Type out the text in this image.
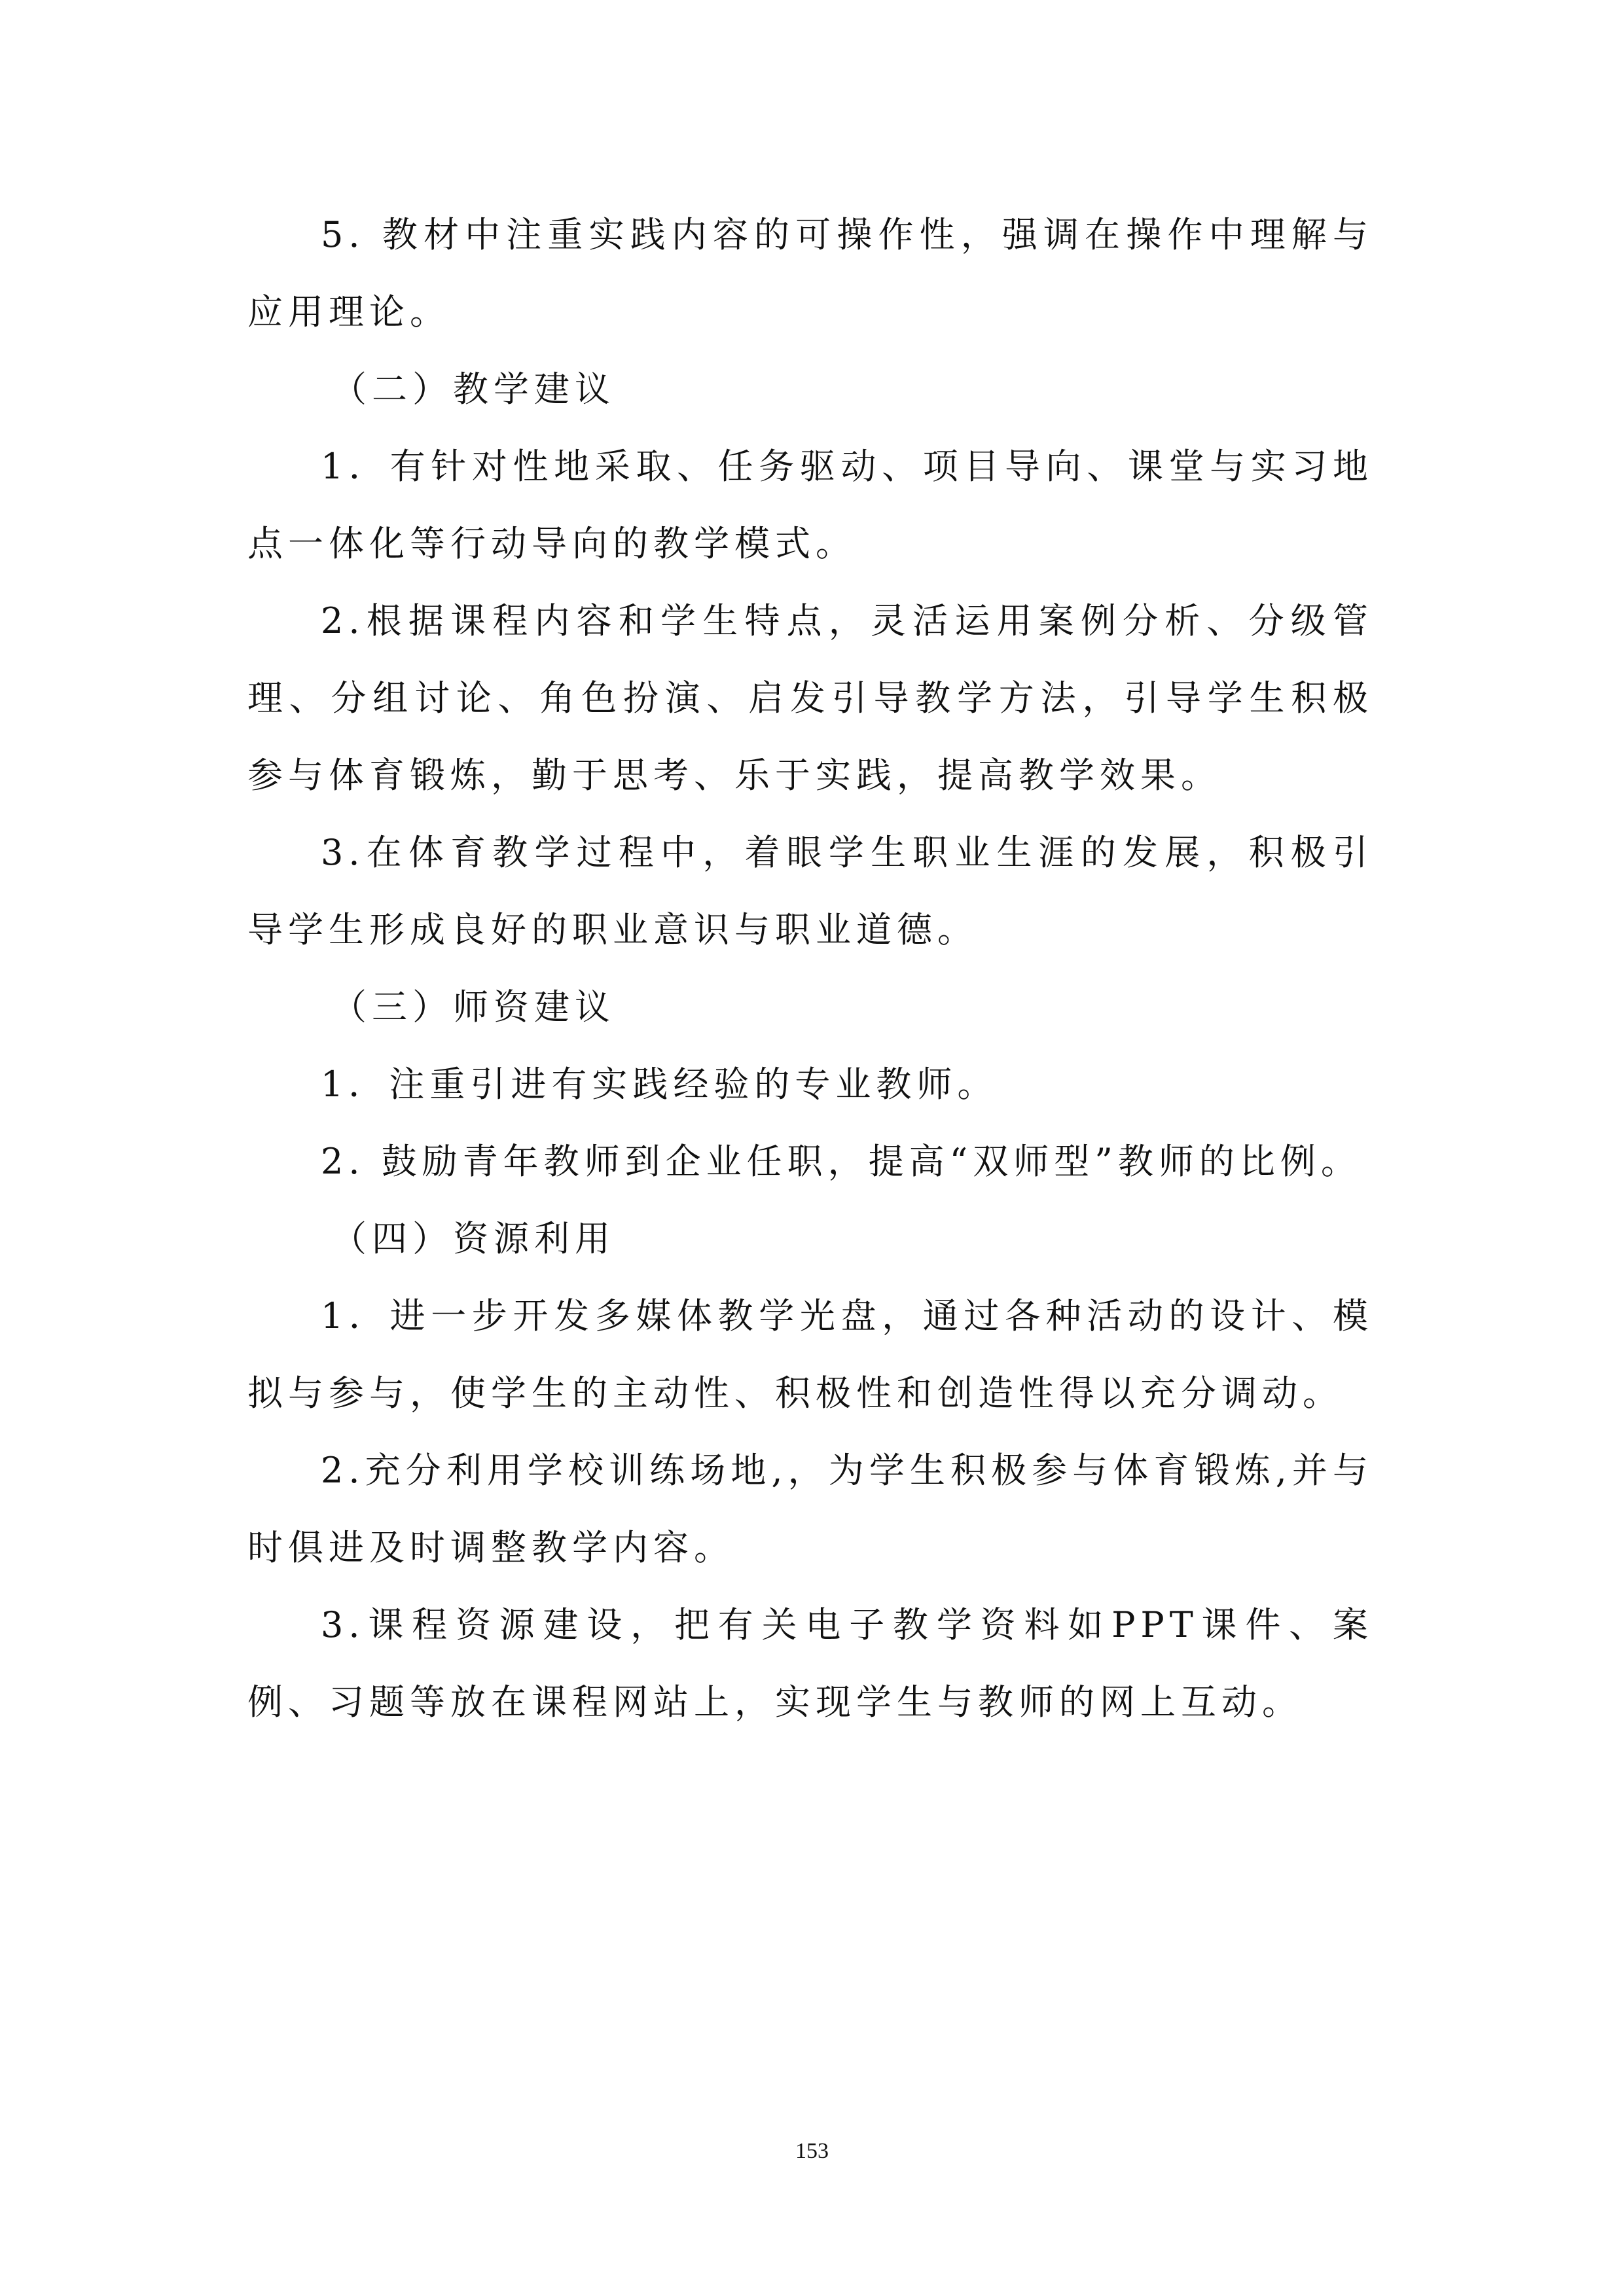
5. 教材中注重实践内容的可操作性，强调在操作中理解与应用理论。

（二）教学建议

1．有针对性地采取、任务驱动、项目导向、课堂与实习地点一体化等行动导向的教学模式。

2.根据课程内容和学生特点，灵活运用案例分析、分级管理、分组讨论、角色扮演、启发引导教学方法，引导学生积极参与体育锻炼，勤于思考、乐于实践，提高教学效果。

3.在体育教学过程中，着眼学生职业生涯的发展，积极引导学生形成良好的职业意识与职业道德。

（三）师资建议

1．注重引进有实践经验的专业教师。

2. 鼓励青年教师到企业任职，提高“双师型”教师的比例。

（四）资源利用

1．进一步开发多媒体教学光盘，通过各种活动的设计、模拟与参与，使学生的主动性、积极性和创造性得以充分调动。

2.充分利用学校训练场地,，为学生积极参与体育锻炼,并与时俱进及时调整教学内容。

3.课程资源建设，把有关电子教学资料如PPT课件、案例、习题等放在课程网站上，实现学生与教师的网上互动。

153
